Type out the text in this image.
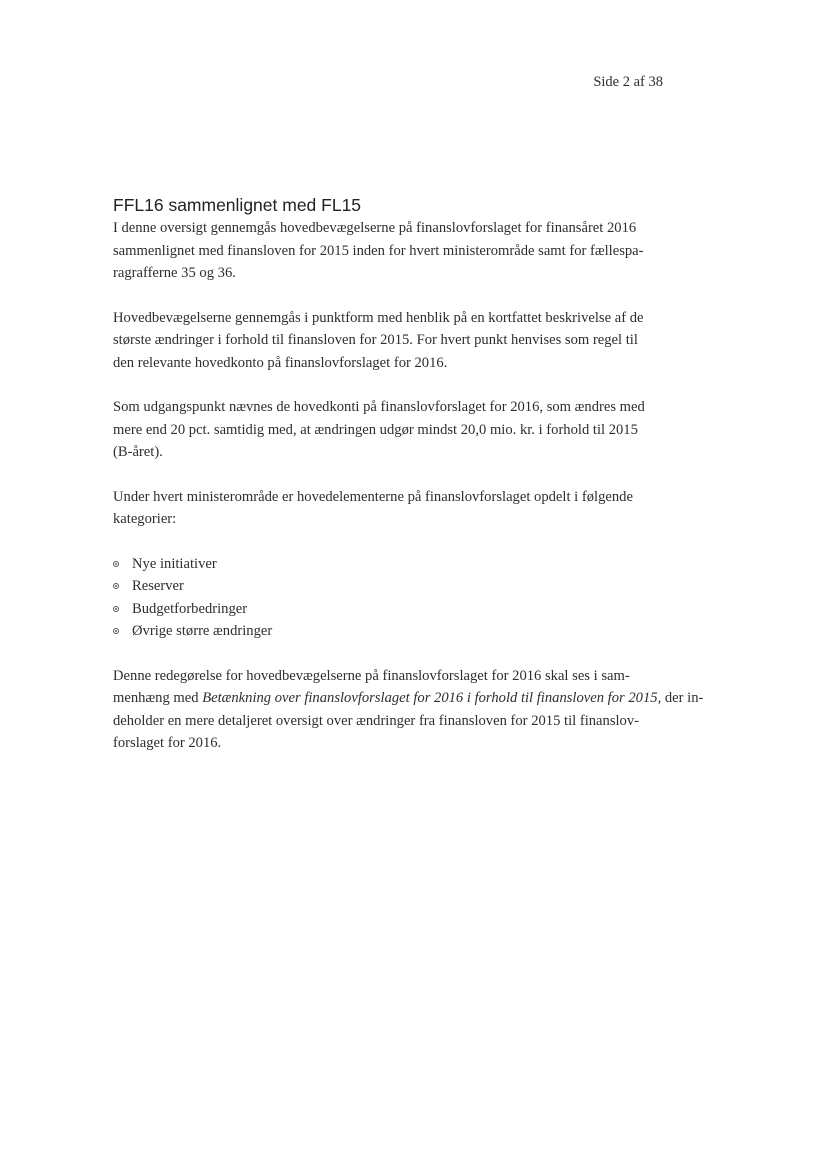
Side 2 af 38
FFL16 sammenlignet med FL15

I denne oversigt gennemgås hovedbevægelserne på finanslovforslaget for finansåret 2016
sammenlignet med finansloven for 2015 inden for hvert ministerområde samt for fællespa-
ragrafferne 35 og 36.

Hovedbevægelserne gennemgås i punktform med henblik på en kortfattet beskrivelse af de
største ændringer i forhold til finansloven for 2015. For hvert punkt henvises som regel til
den relevante hovedkonto på finanslovforslaget for 2016.

Som udgangspunkt nævnes de hovedkonti på finanslovforslaget for 2016, som ændres med
mere end 20 pct. samtidig med, at ændringen udgør mindst 20,0 mio. kr. i forhold til 2015
(B-året).

Under hvert ministerområde er hovedelementerne på finanslovforslaget opdelt i følgende
kategorier:

Nye initiativer
Reserver
Budgetforbedringer
Øvrige større ændringer

Denne redegørelse for hovedbevægelserne på finanslovforslaget for 2016 skal ses i sam-
menhæng med Betænkning over finanslovforslaget for 2016 i forhold til finansloven for 2015, der in-
deholder en mere detaljeret oversigt over ændringer fra finansloven for 2015 til finanslov-
forslaget for 2016.
